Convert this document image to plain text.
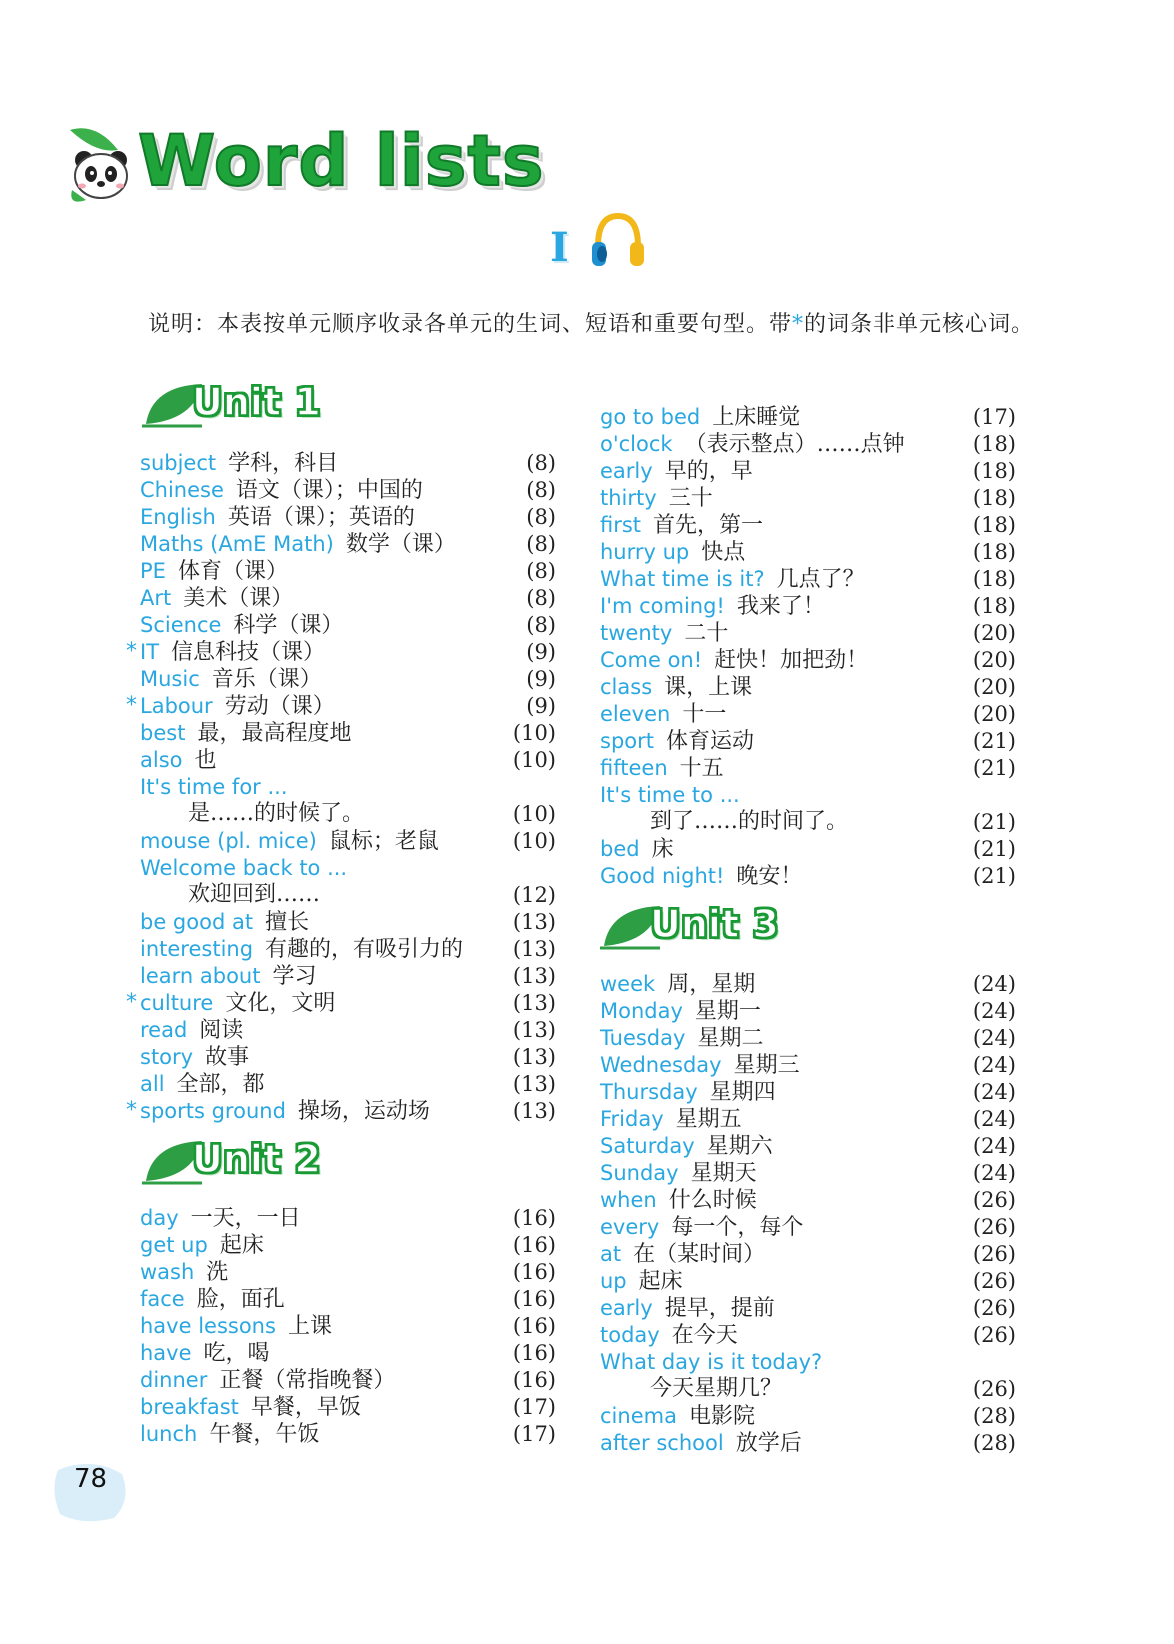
Word lists
I
说明：本表按单元顺序收录各单元的生词、短语和重要句型。带*的词条非单元核心词。
Unit 1
Unit 2
Unit 3
subject 学科，科目	(8)
Chinese 语文（课）；中国的	(8)
English 英语（课）；英语的	(8)
Maths (AmE Math) 数学（课）	(8)
PE 体育（课）	(8)
Art 美术（课）	(8)
Science 科学（课）	(8)
* IT 信息科技（课）	(9)
Music 音乐（课）	(9)
* Labour 劳动（课）	(9)
best 最，最高程度地	(10)
also 也	(10)
It's time for ...
是……的时候了。	(10)
mouse (pl. mice) 鼠标；老鼠	(10)
Welcome back to ...
欢迎回到……	(12)
be good at 擅长	(13)
interesting 有趣的，有吸引力的	(13)
learn about 学习	(13)
* culture 文化，文明	(13)
read 阅读	(13)
story 故事	(13)
all 全部，都	(13)
* sports ground 操场，运动场	(13)
day 一天，一日	(16)
get up 起床	(16)
wash 洗	(16)
face 脸，面孔	(16)
have lessons 上课	(16)
have 吃，喝	(16)
dinner 正餐（常指晚餐）	(16)
breakfast 早餐，早饭	(17)
lunch 午餐，午饭	(17)
go to bed 上床睡觉	(17)
o'clock （表示整点）……点钟	(18)
early 早的，早	(18)
thirty 三十	(18)
first 首先，第一	(18)
hurry up 快点	(18)
What time is it? 几点了？	(18)
I'm coming! 我来了！	(18)
twenty 二十	(20)
Come on! 赶快！加把劲！	(20)
class 课，上课	(20)
eleven 十一	(20)
sport 体育运动	(21)
fifteen 十五	(21)
It's time to ...
到了……的时间了。	(21)
bed 床	(21)
Good night! 晚安！	(21)
week 周，星期	(24)
Monday 星期一	(24)
Tuesday 星期二	(24)
Wednesday 星期三	(24)
Thursday 星期四	(24)
Friday 星期五	(24)
Saturday 星期六	(24)
Sunday 星期天	(24)
when 什么时候	(26)
every 每一个，每个	(26)
at 在（某时间）	(26)
up 起床	(26)
early 提早，提前	(26)
today 在今天	(26)
What day is it today?
今天星期几？	(26)
cinema 电影院	(28)
after school 放学后	(28)
78
